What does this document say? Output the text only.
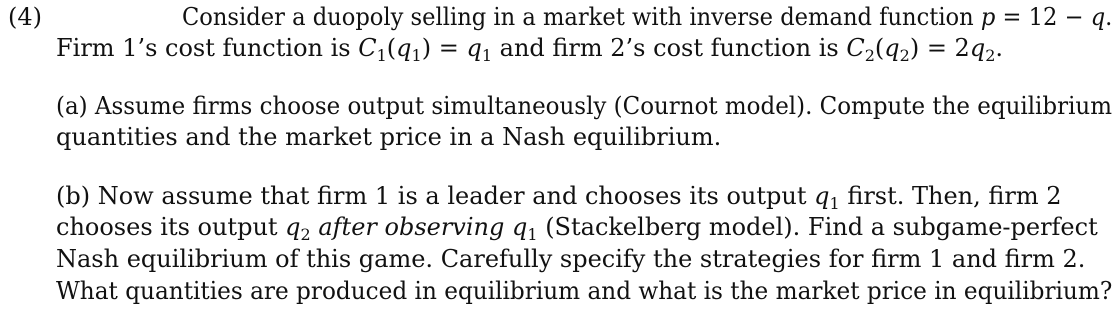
(4)	Consider a duopoly selling in a market with inverse demand function p = 12 − q.
Firm 1’s cost function is $C_1(q_1) = q_1$ and firm 2’s cost function is $C_2(q_2) = 2q_2$.
(a) Assume firms choose output simultaneously (Cournot model). Compute the equilibrium
quantities and the market price in a Nash equilibrium.
(b) Now assume that firm 1 is a leader and chooses its output $q_1$ first. Then, firm 2
chooses its output $q_2$ after observing $q_1$ (Stackelberg model). Find a subgame-perfect
Nash equilibrium of this game. Carefully specify the strategies for firm 1 and firm 2.
What quantities are produced in equilibrium and what is the market price in equilibrium?
